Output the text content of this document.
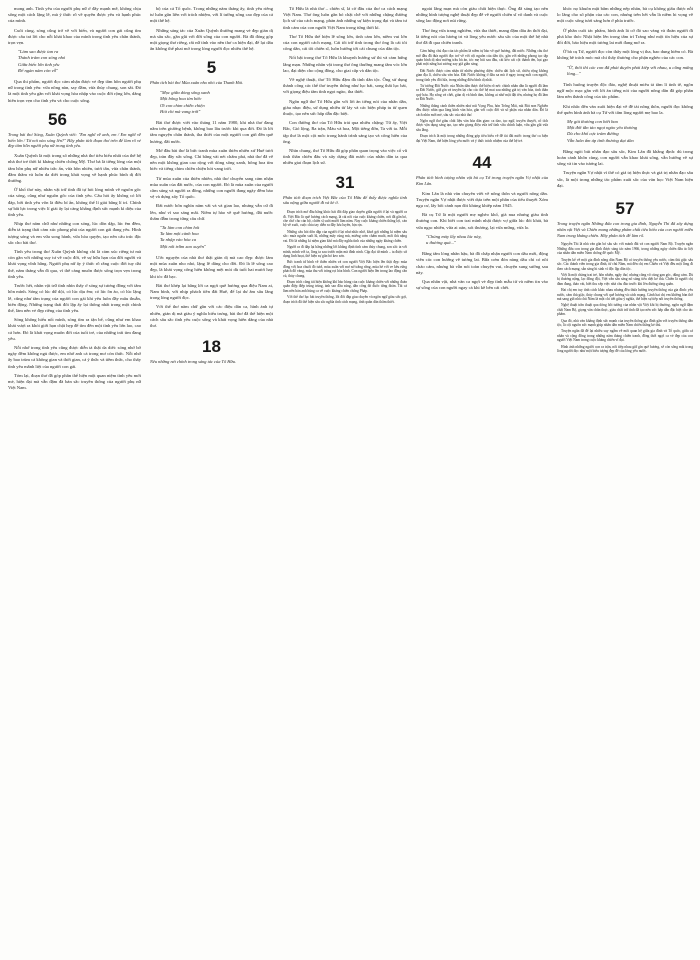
mong anh. Tình yêu của người phụ nữ ở đây mạnh mẽ, không chịu sống một cách lặng lẽ, mà ý thức rõ về quyền được yêu và hạnh phúc của mình.

Cuối cùng, sóng cũng trở về với biển, và người con gái cũng tìm được câu trả lời cho nỗi khát khao của mình trong tình yêu chân thành, trọn vẹn.

"Làm sao được tan ra

Thành trăm con sóng nhỏ

Giữa biển lớn tình yêu

Để ngàn năm còn vỗ"

Qua thi phẩm, người đọc cảm nhận được vẻ đẹp tâm hồn người phụ nữ trong tình yêu: vừa nồng nàn, say đắm, vừa thủy chung, son sắt. Đó là một tình yêu gắn với khát vọng hòa nhập vào cuộc đời rộng lớn, dâng hiến trọn vẹn cho tình yêu và cho cuộc sống.

56

Trong bài thơ Sóng, Xuân Quỳnh viết: "Em nghĩ về anh, em / Em nghĩ về biển lớn / Từ nơi nào sóng lên?" Hãy phân tích đoạn thơ trên để làm rõ vẻ đẹp tâm hồn người phụ nữ trong tình yêu.

Xuân Quỳnh là một trong số những nhà thơ tiêu biểu nhất của thế hệ nhà thơ trẻ thời kì kháng chiến chống Mỹ. Thơ bà là tiếng lòng của một tâm hồn phụ nữ nhiều trắc ẩn, vừa hồn nhiên, tươi tắn, vừa chân thành, đằm thắm và luôn da diết trong khát vọng về hạnh phúc bình dị đời thường.

Ở khổ thơ này, nhân vật trữ tình đã tự hỏi lòng mình về nguồn gốc của sóng, cũng như nguồn gốc của tình yêu. Câu hỏi ấy không có lời đáp, bởi tình yêu vốn là điều bí ẩn, không thể lí giải bằng lí trí. Chính sự bất lực trong việc lí giải ấy lại càng khẳng định sức mạnh kì diệu của tình yêu.

Nhịp thơ năm chữ như những con sóng, lúc dồn dập, lúc êm đềm, diễn tả trạng thái cảm xúc phong phú của người con gái đang yêu. Hình tượng sóng và em vừa song hành, vừa hòa quyện, tạo nên cấu trúc đặc sắc cho bài thơ.

Tình yêu trong thơ Xuân Quỳnh không chỉ là cảm xúc riêng tư mà còn gắn với những suy tư về cuộc đời, về sự hữu hạn của đời người và khát vọng vĩnh hằng. Người phụ nữ ấy ý thức rõ rằng cuộc đời tuy dài thế, năm tháng vẫn đi qua, vì thế càng muốn được sống trọn vẹn trong tình yêu.

Trước hết, nhân vật trữ tình nhìn thấy ở sóng sự tương đồng với tâm hồn mình. Sóng có lúc dữ dội, có lúc dịu êm; có lúc ồn ào, có lúc lặng lẽ, cũng như tâm trạng của người con gái khi yêu luôn đầy mâu thuẫn, biến động. Những trạng thái đối lập ấy lại thống nhất trong một chỉnh thể, làm nên vẻ đẹp riêng của tình yêu.

Sóng không hiểu nổi mình, sóng tìm ra tận bể, cũng như em khao khát vượt ra khỏi giới hạn chật hẹp để tìm đến một tình yêu lớn lao, cao cả hơn. Đó là khát vọng muôn đời của tuổi trẻ, của những trái tim đang yêu.

Nỗi nhớ trong tình yêu cũng được diễn tả thật da diết: sóng nhớ bờ ngày đêm không ngủ được, em nhớ anh cả trong mơ còn thức. Nỗi nhớ ấy bao trùm cả không gian và thời gian, cả ý thức và tiềm thức, cho thấy tình yêu mãnh liệt của người con gái.

Tóm lại, đoạn thơ đã góp phần thể hiện một quan niệm tình yêu mới mẻ, hiện đại mà vẫn đậm đà bản sắc truyền thống của người phụ nữ Việt Nam.

bộ của cả Tổ quốc. Trong những năm tháng ấy, tình yêu riêng tư luôn gắn liền với trách nhiệm, với lí tưởng sống cao đẹp của cả một thế hệ.

Những sáng tác của Xuân Quỳnh thường mang vẻ đẹp giản dị mà sâu sắc, gần gũi với đời sống của con người. Bà đã đóng góp một giọng thơ riêng, rất nữ tính vào nền thơ ca hiện đại, để lại dấu ấn không thể phai mờ trong lòng người đọc nhiều thế hệ.

5

Phân tích bài thơ Mùa xuân nho nhỏ của Thanh Hải.

"Mọc giữa dòng sông xanh

Một bông hoa tím biếc

Ơi con chim chiền chiện

Hót chi mà vang trời"

Bài thơ được viết vào tháng 11 năm 1980, khi nhà thơ đang nằm trên giường bệnh, không bao lâu trước khi qua đời. Đó là lời tâm nguyện chân thành, tha thiết của một người con gửi đến quê hương, đất nước.

Mở đầu bài thơ là bức tranh mùa xuân thiên nhiên xứ Huế tươi đẹp, tràn đầy sức sống. Chỉ bằng vài nét chấm phá, nhà thơ đã vẽ nên một không gian cao rộng với dòng sông xanh, bông hoa tím biếc và tiếng chim chiền chiện hót vang trời.

Từ mùa xuân của thiên nhiên, nhà thơ chuyển sang cảm nhận mùa xuân của đất nước, của con người. Đó là mùa xuân của người cầm súng và người ra đồng, những con người đang ngày đêm bảo vệ và dựng xây Tổ quốc.

Đất nước bốn nghìn năm vất vả và gian lao, nhưng vẫn cứ đi lên, như vì sao sáng mãi. Niềm tự hào về quê hương, đất nước thấm đẫm trong từng câu chữ.

"Ta làm con chim hót

Ta làm một cành hoa

Ta nhập vào hòa ca

Một nốt trầm xao xuyến"

Ước nguyện của nhà thơ thật giản dị mà cao đẹp: được làm một mùa xuân nho nhỏ, lặng lẽ dâng cho đời. Đó là lẽ sống cao đẹp, là khát vọng cống hiến không mệt mỏi dù tuổi hai mươi hay khi tóc đã bạc.

Bài thơ khép lại bằng lời ca ngợi quê hương qua điệu Nam ai, Nam bình, với nhịp phách tiền đất Huế, để lại dư âm sâu lắng trong lòng người đọc.

Với thể thơ năm chữ gần với các điệu dân ca, hình ảnh tự nhiên, giản dị mà giàu ý nghĩa biểu trưng, bài thơ đã thể hiện một cách sâu sắc tình yêu cuộc sống và khát vọng hiến dâng của nhà thơ.

18

Nêu những nét chính trong sáng tác của Tố Hữu.

Tố Hữu là nhà thơ – chiến sĩ, lá cờ đầu của thơ ca cách mạng Việt Nam. Thơ ông luôn gắn bó chặt chẽ với những chặng đường lịch sử của cách mạng, phản ánh những sự kiện trọng đại và tâm tư tình cảm của con người Việt Nam trong từng thời kì.

Thơ Tố Hữu thể hiện lẽ sống lớn, tình cảm lớn, niềm vui lớn của con người cách mạng. Cái tôi trữ tình trong thơ ông là cái tôi công dân, cái tôi chiến sĩ, luôn hướng tới cái chung của dân tộc.

Nổi bật trong thơ Tố Hữu là khuynh hướng sử thi và cảm hứng lãng mạn. Những nhân vật trong thơ ông thường mang tầm vóc lớn lao, đại diện cho cộng đồng, cho giai cấp và dân tộc.

Về nghệ thuật, thơ Tố Hữu đậm đà tính dân tộc. Ông sử dụng thành công các thể thơ truyền thống như lục bát, song thất lục bát, với giọng điệu tâm tình ngọt ngào, tha thiết.

Ngôn ngữ thơ Tố Hữu gần với lời ăn tiếng nói của nhân dân, giàu nhạc điệu, sử dụng nhiều từ láy và các biện pháp tu từ quen thuộc, tạo nên sức hấp dẫn đặc biệt.

Con đường thơ của Tố Hữu trải qua nhiều chặng: Từ ấy, Việt Bắc, Gió lộng, Ra trận, Máu và hoa, Một tiếng đờn, Ta với ta. Mỗi tập thơ là một cột mốc trong hành trình sáng tạo và cống hiến của ông.

Nhìn chung, thơ Tố Hữu đã góp phần quan trọng vào việc cổ vũ tinh thần chiến đấu và xây dựng đất nước của nhân dân ta qua nhiều giai đoạn lịch sử.

31

Phân tích đoạn trích Việt Bắc của Tố Hữu để thấy được nghĩa tình sâu nặng giữa người đi và kẻ ở.

Đoạn trích mở đầu bằng khúc hát đối đáp giao duyên giữa người ở lại và người ra đi. Việt Bắc là quê hương cách mạng, là cái nôi của cuộc kháng chiến, nơi đã gắn bó, che chở cho cán bộ, chiến sĩ suốt mười lăm năm. Nay cuộc kháng chiến thắng lợi, cán bộ về xuôi, cuộc chia tay diễn ra đầy lưu luyến, bịn rịn.

Những câu hỏi dồn dập của người ở lại như nhắc nhở, khơi gợi những kỉ niệm sâu sắc: mưa nguồn suối lũ, những mây cùng mù, miếng cơm chấm muối, mối thù nặng vai. Đó là những kỉ niệm gian khổ mà đầy nghĩa tình của những ngày kháng chiến.

Người ra đi đáp lại bằng những lời khẳng định tình cảm thủy chung, son sắt: ta với mình, mình với ta, lòng ta sau trước mặn mà đinh ninh. Cặp đại từ mình – ta được sử dụng linh hoạt, thể hiện sự gắn bó keo sơn.

Bức tranh tứ bình về thiên nhiên và con người Việt Bắc hiện lên thật đẹp: mùa đông với hoa chuối đỏ tươi, mùa xuân với mơ nở trắng rừng, mùa hè với ve kêu rừng phách đổ vàng, mùa thu với trăng rọi hòa bình. Con người hiện lên trong lao động cần cù, thủy chung.

Đoạn trích cũng tái hiện không khí hào hùng của cuộc kháng chiến với những đoàn quân điệp điệp trùng trùng, ánh sao đầu súng, dân công đỏ đuốc từng đoàn. Tất cả làm nên bản anh hùng ca về cuộc kháng chiến chống Pháp.

Với thể thơ lục bát truyền thống, lối đối đáp giao duyên và ngôn ngữ giàu sức gợi, đoạn trích đã thể hiện sâu sắc nghĩa tình cách mạng, tình quân dân thắm thiết.

ngoài lãng mạn mà còn giàu chất hiện thực. Ông đã sáng tạo nên những hình tượng nghệ thuật đẹp đẽ về người chiến sĩ vô danh và cuộc sống lao động nơi núi rừng.

Thơ ông vừa trang nghiêm, vừa tha thiết, mang đậm dấu ấn thời đại, là tiếng nói của lương tri và lòng yêu nước sâu sắc của một thế hệ nhà thơ đã đi qua chiến tranh.

Cảm hứng chủ đạo của tác phẩm là niềm tự hào về quê hương, đất nước. Những câu thơ mở đầu đã đưa người đọc trở về với cội nguồn của dân tộc, gắn với những phong tục tập quán bình dị như miếng trầu bà ăn, tóc mẹ búi sau đầu, cái kèo cái cột thành tên, hạt gạo phải một nắng hai sương xay giã giần sàng.

Đất Nước được cảm nhận từ nhiều phương diện: chiều dài lịch sử, chiều rộng không gian địa lí, chiều sâu văn hóa. Đất Nước không ở đâu xa mà ở ngay trong mỗi con người, trong tình yêu đôi lứa, trong những điều bình dị nhất.

Tư tưởng Đất Nước của Nhân dân được thể hiện rõ nét: chính nhân dân là người đã làm ra Đất Nước, giữ gìn và truyền lại cho các thế hệ mai sau những giá trị văn hóa, tinh thần quý báu. Họ sống và chết, giản dị và bình tâm, không ai nhớ mặt đặt tên, nhưng họ đã làm ra Đất Nước.

Những thắng cảnh thiên nhiên như núi Vọng Phu, hòn Trống Mái, núi Bút non Nghiên đều được nhìn qua lăng kính văn hóa, gắn với cuộc đời và số phận của nhân dân. Đó là cách nhìn mới mẻ, sâu sắc của nhà thơ.

Ngôn ngữ thơ giàu chất liệu văn hóa dân gian: ca dao, tục ngữ, truyền thuyết, cổ tích được vận dụng sáng tạo, tạo nên giọng điệu vừa trữ tình vừa chính luận, vừa gần gũi vừa sâu lắng.

Đoạn trích là một trong những đóng góp tiêu biểu về đề tài đất nước trong thơ ca hiện đại Việt Nam, thể hiện lòng yêu nước và ý thức trách nhiệm của thế hệ trẻ.

44

Phân tích hình tượng nhân vật bà cụ Tứ trong truyện ngắn Vợ nhặt của Kim Lân.

Kim Lân là nhà văn chuyên viết về nông thôn và người nông dân. Truyện ngắn Vợ nhặt được viết dựa trên một phần của tiểu thuyết Xóm ngụ cư, lấy bối cảnh nạn đói khủng khiếp năm 1945.

Bà cụ Tứ là một người mẹ nghèo khổ, già nua nhưng giàu tình thương con. Khi biết con trai mình nhặt được vợ giữa lúc đói khát, bà vừa ngạc nhiên, vừa ai oán, xót thương, lại vừa mừng, vừa lo.

"Chúng mày lấy nhau lúc này,

u thương quá..."

Bằng tấm lòng nhân hậu, bà đã chấp nhận người con dâu mới, động viên các con hướng về tương lai. Bữa cơm đón nàng dâu chỉ có nồi cháo cám, nhưng bà vẫn nói toàn chuyện vui, chuyện sung sướng sau này.

Qua nhân vật, nhà văn ca ngợi vẻ đẹp tình mẫu tử và niềm tin vào sự sống của con người ngay cả khi kề bên cái chết.

khóc nọ khuôn mặt bấm những nếp nhăn, bà cụ không giấu được nỗi lo lắng cho số phận của các con, nhưng trên hết vẫn là niềm hi vọng về một cuộc sống tươi sáng hơn ở phía trước.

Ở phần cuối tác phẩm, hình ảnh lá cờ đỏ sao vàng và đoàn người đi phá kho thóc Nhật hiện lên trong tâm trí Tràng như một tín hiệu của sự đổi đời, báo hiệu một tương lai mới đang mở ra.

Ở bà cụ Tứ, người đọc còn thấy một lòng vị tha, bao dung hiếm có. Bà không hề trách móc mà chỉ thấy thương cho phận nghèo của các con.

"Ừ, thôi thì các con đã phải duyên phải kiếp với nhau, u cũng mừng lòng..."

Tình huống truyện độc đáo, nghệ thuật miêu tả tâm lí tinh tế, ngôn ngữ mộc mạc gần với lời ăn tiếng nói của người nông dân đã góp phần làm nên thành công của tác phẩm.

Khi nhắc đến văn xuôi hiện đại về đề tài nông thôn, người đọc không thể quên hình ảnh bà cụ Tứ với tấm lòng người mẹ bao la.

Mẹ già thương con biết bao

Một đời tần tảo ngọt ngào yêu thương

Dù cho khổ cực trăm đường

Vẫn luôn ấm áp tình thương dạt dào

Bằng ngòi bút nhân đạo sâu sắc, Kim Lân đã khẳng định: dù trong hoàn cảnh khốn cùng, con người vẫn khao khát sống, vẫn hướng về sự sống và tin vào tương lai.

Truyện ngắn Vợ nhặt vì thế có giá trị hiện thực và giá trị nhân đạo sâu sắc, là một trong những tác phẩm xuất sắc của văn học Việt Nam hiện đại.

57

Trong truyện ngắn Những đứa con trong gia đình, Nguyễn Thi đã xây dựng nhân vật Việt và Chiến mang những phẩm chất tiêu biểu của con người miền Nam trong kháng chiến. Hãy phân tích để làm rõ.

Nguyễn Thi là nhà văn gắn bó sâu sắc với mảnh đất và con người Nam Bộ. Truyện ngắn Những đứa con trong gia đình được sáng tác năm 1966, trong những ngày chiến đấu ác liệt của nhân dân miền Nam chống đế quốc Mỹ.

Truyện kể về một gia đình nông dân Nam Bộ có truyền thống yêu nước, căm thù giặc sâu sắc. Các thành viên trong gia đình, từ chú Năm, má đến chị em Chiến và Việt đều một lòng đi theo cách mạng, sẵn sàng hi sinh vì độc lập dân tộc.

Việt là một chàng trai trẻ, hồn nhiên, ngây thơ, nhưng cũng vô cùng gan góc, dũng cảm. Dù bị thương nặng, lạc đồng đội, Việt vẫn sẵn sàng nổ súng tiêu diệt kẻ thù. Chiến là người chị đảm đang, tháo vát, biết thu xếp việc nhà chu đáo trước khi lên đường tòng quân.

Hai chị em tuy tính cách khác nhau nhưng đều thừa hưởng truyền thống của gia đình: yêu nước, căm thù giặc, thủy chung với quê hương và cách mạng. Cảnh hai chị em khiêng bàn thờ má sang gửi nhà chú Năm là một chi tiết giàu ý nghĩa, thể hiện sự tiếp nối truyền thống.

Nghệ thuật trần thuật qua dòng hồi tưởng của nhân vật Việt khi bị thương, ngôn ngữ đậm chất Nam Bộ, giọng văn chân thực, giàu chất trữ tình đã tạo nên sức hấp dẫn đặc biệt cho tác phẩm.

Qua đó, nhà văn khẳng định sức mạnh của truyền thống gia đình gắn với truyền thống dân tộc, là cội nguồn sức mạnh giúp nhân dân miền Nam chiến thắng kẻ thù.

Truyện ngắn đã để lại nhiều suy ngẫm về mối quan hệ giữa gia đình và Tổ quốc, giữa cá nhân và cộng đồng trong những năm tháng chiến tranh, đồng thời ngợi ca vẻ đẹp của con người Việt Nam trong cuộc kháng chiến vĩ đại.

Hình ảnh những người con ra trận, nối tiếp nhau giữ gìn quê hương, sẽ còn sống mãi trong lòng người đọc như một biểu tượng đẹp đẽ của lòng yêu nước.
